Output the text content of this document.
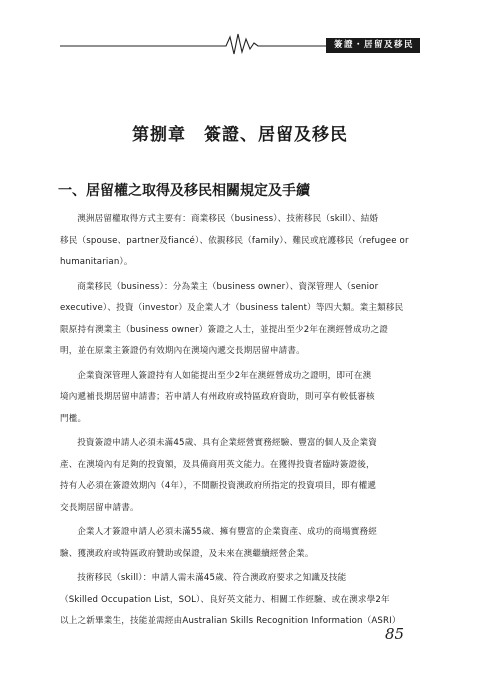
簽證・居留及移民
第捌章　簽證、居留及移民
一、居留權之取得及移民相關規定及手續

澳洲居留權取得方式主要有：商業移民（business）、技術移民（skill）、結婚
移民（spouse、partner及fiancé）、依親移民（family）、難民或庇護移民（refugee or
humanitarian）。

商業移民（business）：分為業主（business owner）、資深管理人（senior
executive）、投資（investor）及企業人才（business talent）等四大類。業主類移民
限原持有澳業主（business owner）簽證之人士，並提出至少2年在澳經營成功之證
明，並在原業主簽證仍有效期內在澳境內遞交長期居留申請書。

企業資深管理人簽證持有人如能提出至少2年在澳經營成功之證明，即可在澳
境內遞補長期居留申請書；若申請人有州政府或特區政府資助，則可享有較低審核
門檻。

投資簽證申請人必須未滿45歲、具有企業經營實務經驗、豐富的個人及企業資
產、在澳境內有足夠的投資額，及具備商用英文能力。在獲得投資者臨時簽證後，
持有人必須在簽證效期內（4年），不間斷投資澳政府所指定的投資項目，即有權遞
交長期居留申請書。

企業人才簽證申請人必須未滿55歲、擁有豐富的企業資產、成功的商場實務經
驗、獲澳政府或特區政府贊助或保證，及未來在澳繼續經營企業。

技術移民（skill）：申請人需未滿45歲、符合澳政府要求之知識及技能
（Skilled Occupation List，SOL）、良好英文能力、相關工作經驗、或在澳求學2年
以上之新畢業生，技能並需經由Australian Skills Recognition Information（ASRI）

85
